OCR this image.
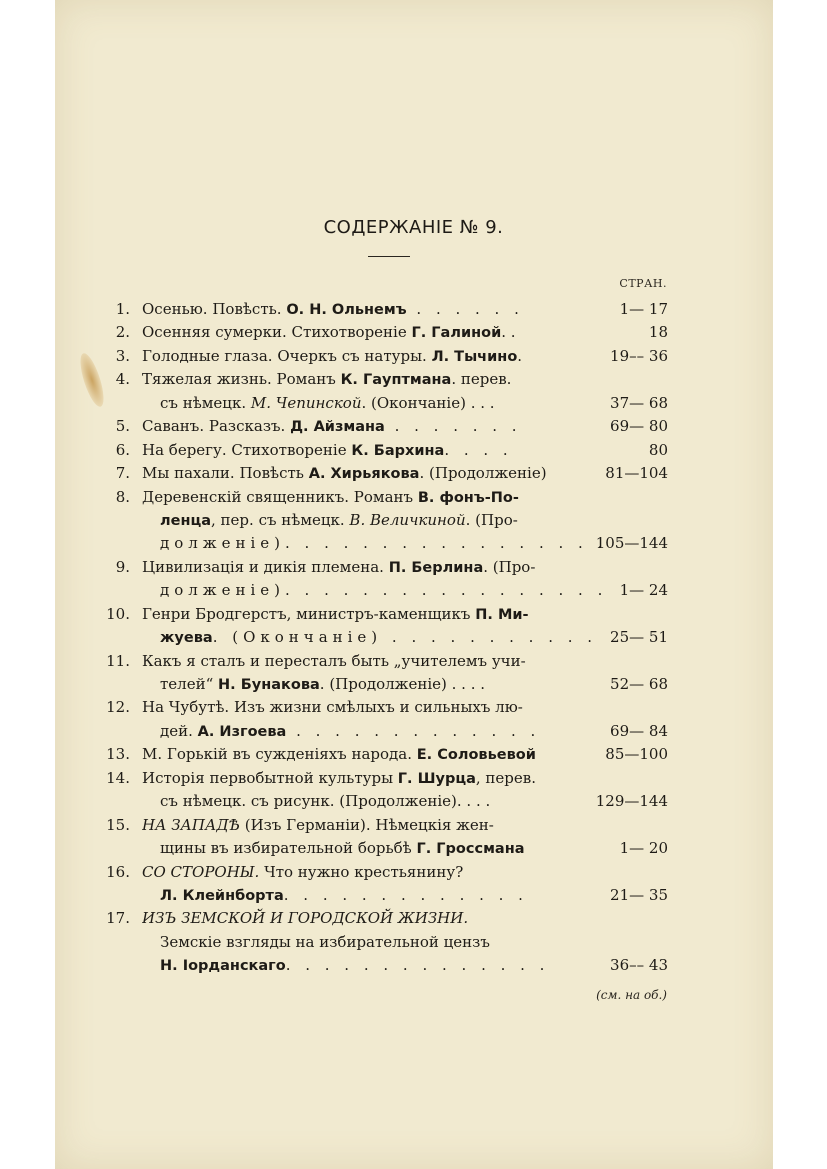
СОДЕРЖАНІЕ № 9.
СТРАН.
1. Осенью. Повѣсть. О. Н. Ольнемъ . . . . . .	1— 17
2. Осенняя сумерки. Стихотвореніе Г. Галиной. .	18
3. Голодные глаза. Очеркъ съ натуры. Л. Тычино.	19–– 36
4. Тяжелая жизнь. Романъ К. Гауптмана. перев.
съ нѣмецк. М. Чепинской. (Окончаніе) . . .	37— 68
5. Саванъ. Разсказъ. Д. Айзмана . . . . . . .	69— 80
6. На берегу. Стихотвореніе К. Бархина. . . .	80
7. Мы пахали. Повѣсть А. Хирьякова. (Продолженіе)	81—104
8. Деревенскій священникъ. Романъ В. фонъ-По-
ленца, пер. съ нѣмецк. В. Величкиной. (Про-
долженіе). . . . . . . . . . . . . . . . .
105—144
9. Цивилизація и дикія племена. П. Берлина. (Про-
долженіе). . . . . . . . . . . . . . . . . 1— 24
10. Генри Бродгерстъ, министръ-каменщикъ П. Ми-
жуева. (Окончаніе) . . . . . . . . . . . 25— 51
11. Какъ я сталъ и пересталъ быть „учителемъ учи-
телей“ Н. Бунакова. (Продолженіе) . . . .	52— 68
12. На Чубутѣ. Изъ жизни смѣлыхъ и сильныхъ лю-
дей. А. Изгоева . . . . . . . . . . . . .	69— 84
13. М. Горькій въ сужденіяхъ народа. Е. Соловьевой	85—100
14. Исторія первобытной культуры Г. Шурца, перев.
съ нѣмецк. съ рисунк. (Продолженіе). . . .	129—144
15. НА ЗАПАДѢ (Изъ Германіи). Нѣмецкія жен-
щины въ избирательной борьбѣ Г. Гроссмана	1— 20
16. СО СТОРОНЫ. Что нужно крестьянину?
Л. Клейнборта. . . . . . . . . . . . .	21— 35
17. ИЗЪ ЗЕМСКОЙ И ГОРОДСКОЙ ЖИЗНИ.
Земскіе взгляды на избирательной цензъ
Н. Іорданскаго. . . . . . . . . . . . . .	36–– 43
(см. на об.)
